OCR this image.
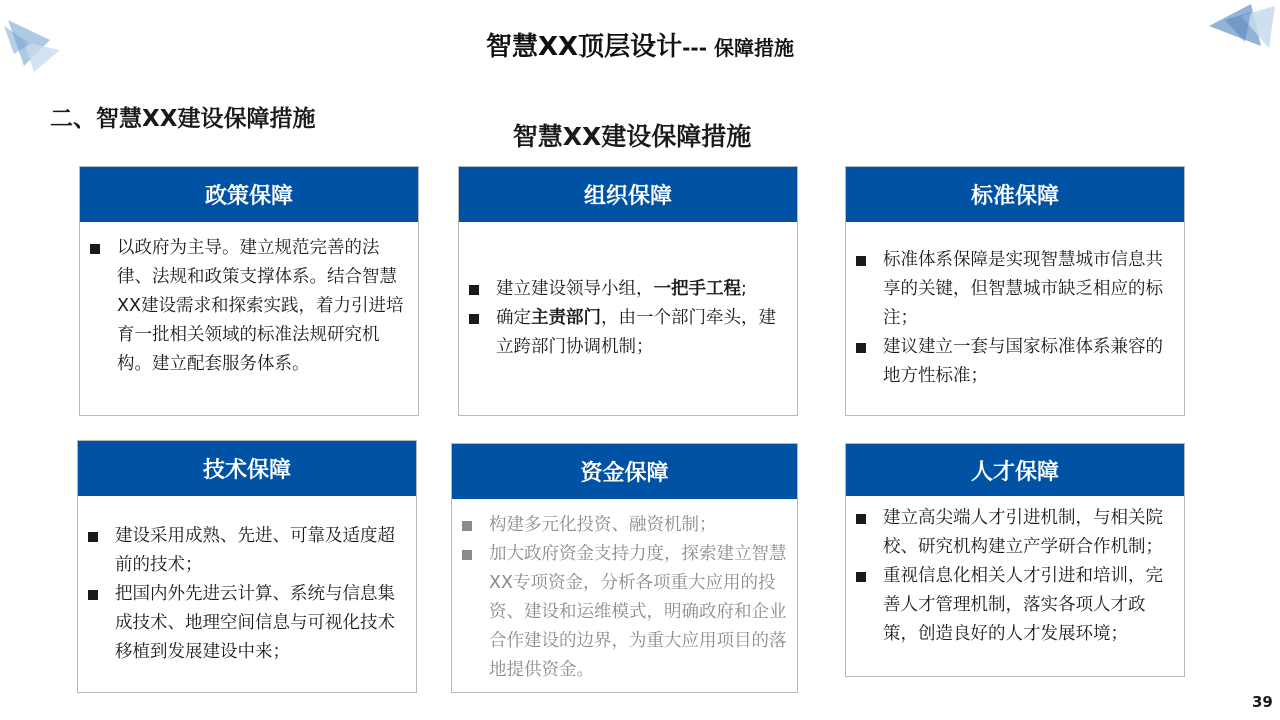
智慧XX顶层设计--- 保障措施
二、智慧XX建设保障措施
智慧XX建设保障措施
政策保障
以政府为主导。建立规范完善的法律、法规和政策支撑体系。结合智慧XX建设需求和探索实践，着力引进培育一批相关领域的标准法规研究机构。建立配套服务体系。
组织保障
建立建设领导小组，一把手工程;
确定主责部门，由一个部门牵头，建立跨部门协调机制；
标准保障
标准体系保障是实现智慧城市信息共享的关键，但智慧城市缺乏相应的标注；
建议建立一套与国家标准体系兼容的地方性标准；
技术保障
建设采用成熟、先进、可靠及适度超前的技术；
把国内外先进云计算、系统与信息集成技术、地理空间信息与可视化技术移植到发展建设中来；
资金保障
构建多元化投资、融资机制；
加大政府资金支持力度，探索建立智慧XX专项资金，分析各项重大应用的投资、建设和运维模式，明确政府和企业合作建设的边界，为重大应用项目的落地提供资金。
人才保障
建立高尖端人才引进机制，与相关院校、研究机构建立产学研合作机制；
重视信息化相关人才引进和培训，完善人才管理机制，落实各项人才政策，创造良好的人才发展环境；
39
